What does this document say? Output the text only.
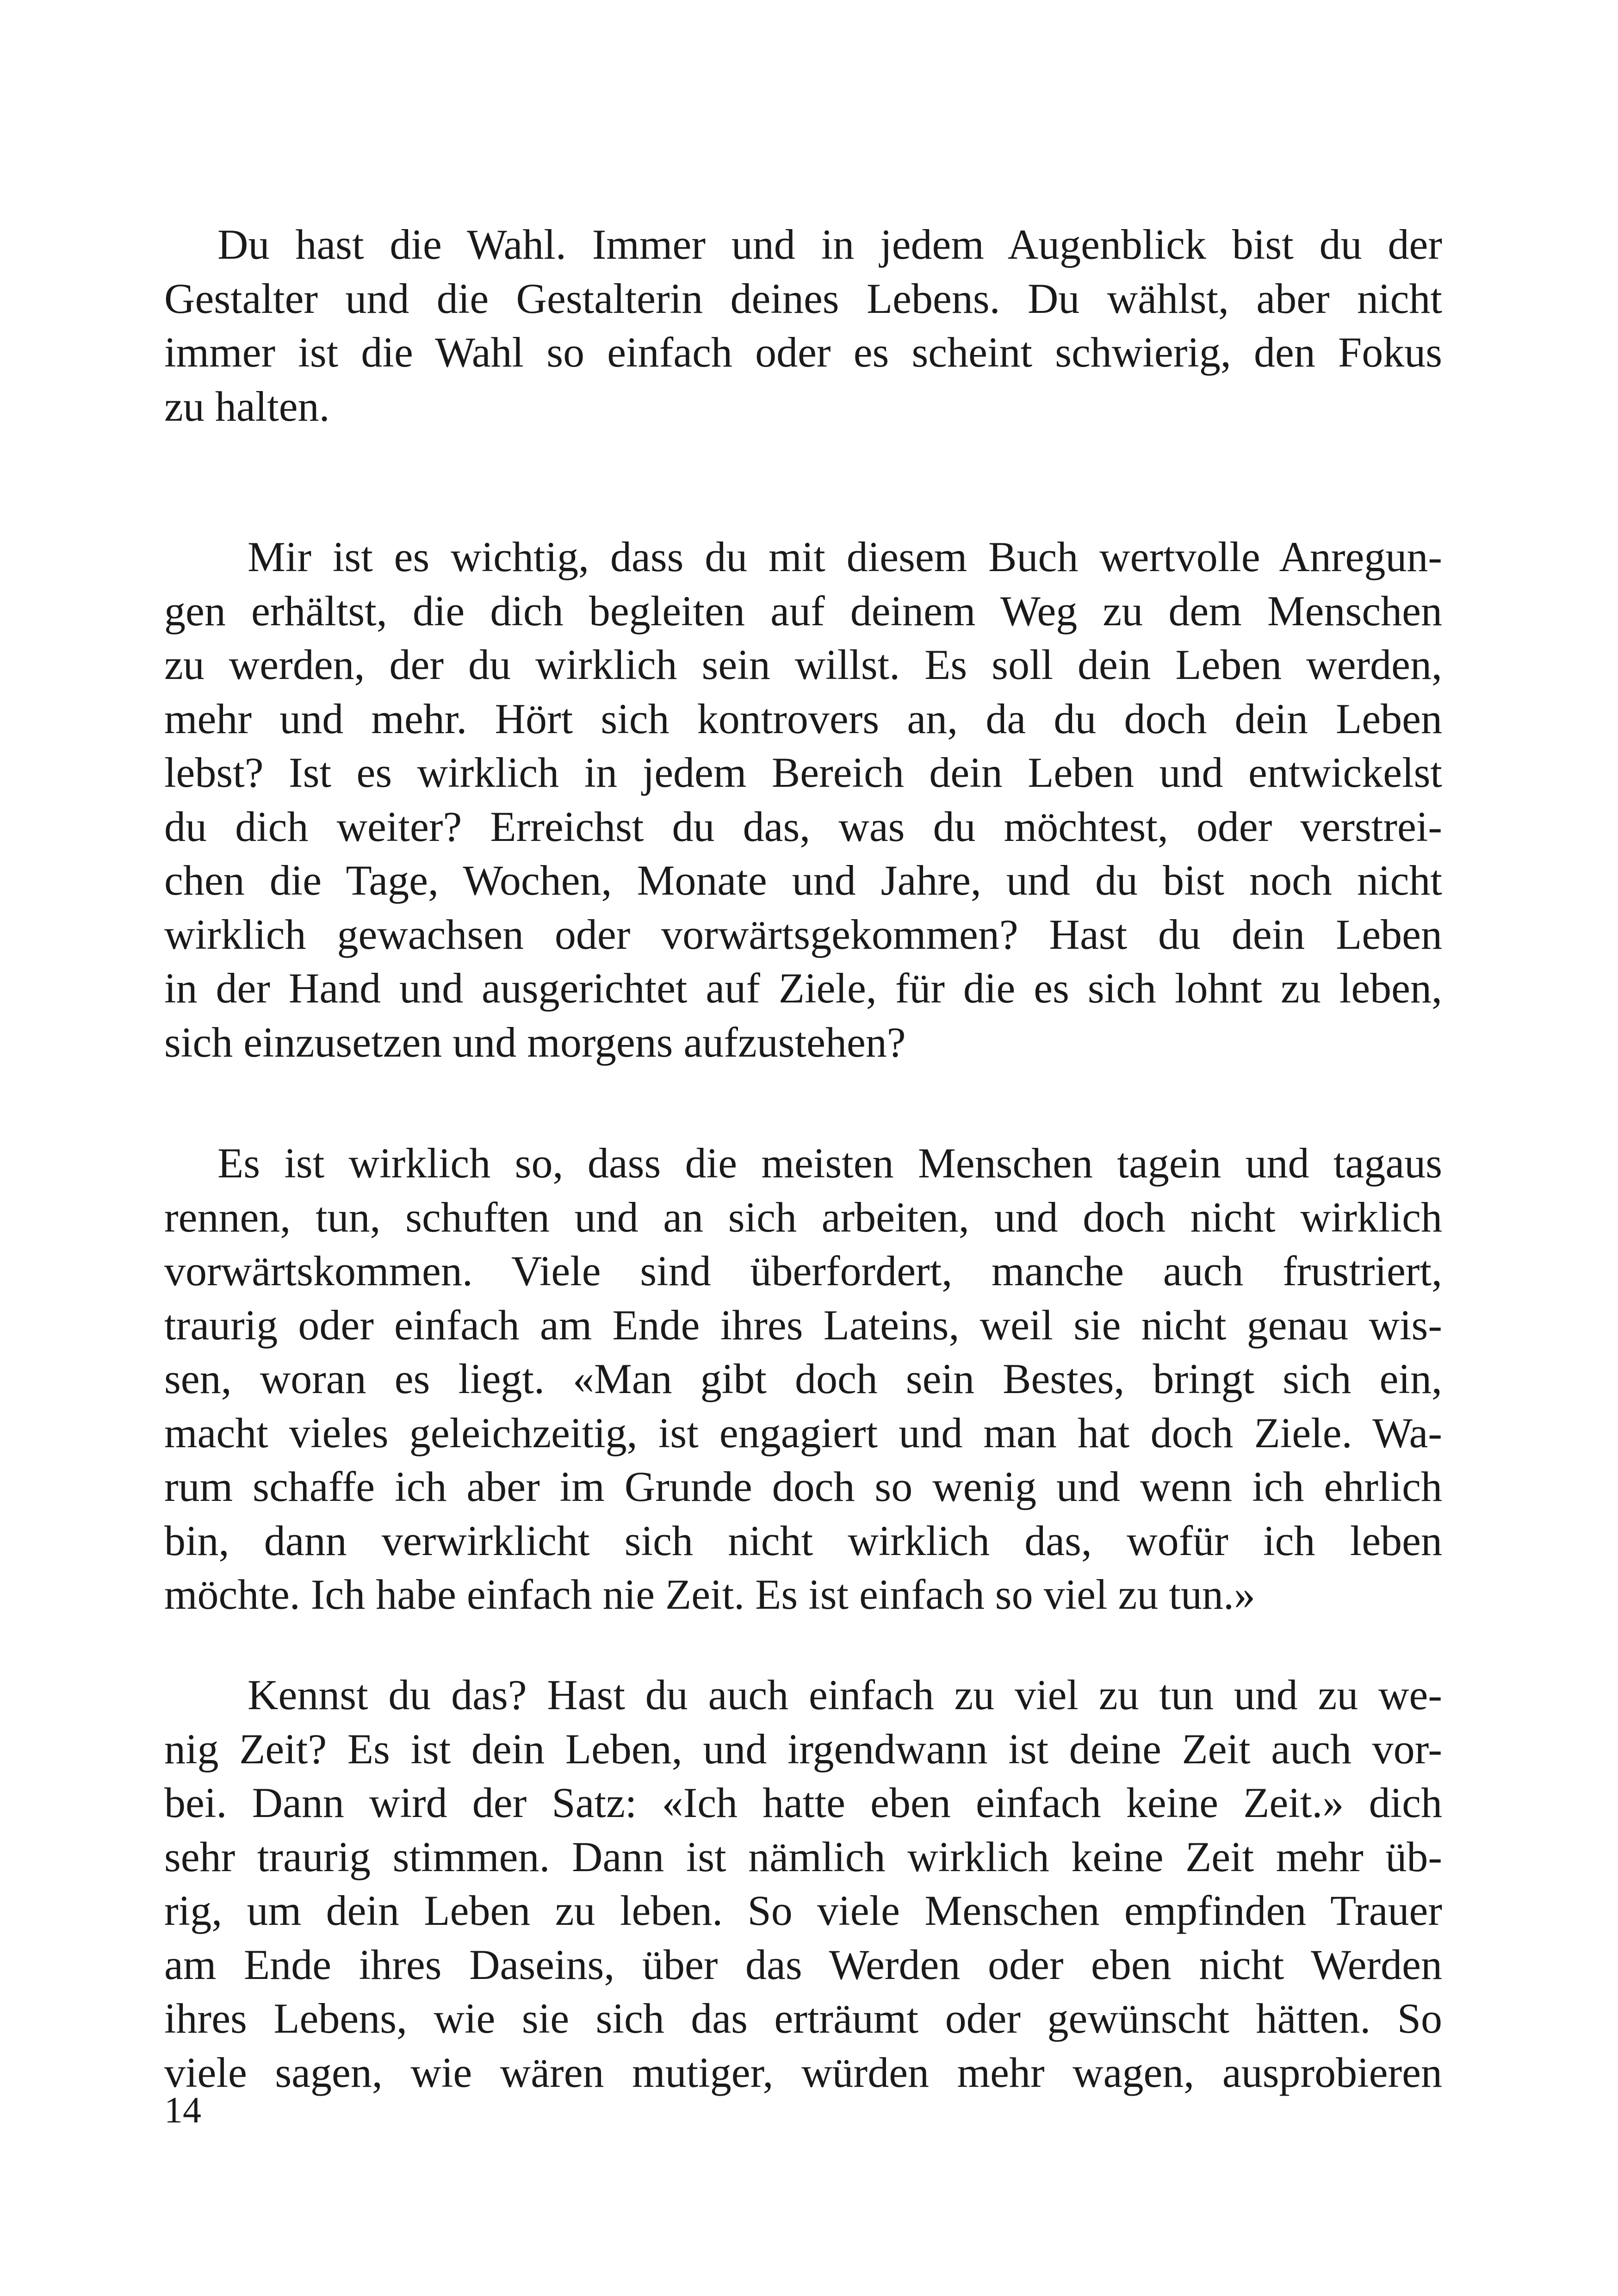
Du hast die Wahl. Immer und in jedem Augenblick bist du der
Gestalter und die Gestalterin deines Lebens. Du wählst, aber nicht
immer ist die Wahl so einfach oder es scheint schwierig, den Fokus
zu halten.
Mir ist es wichtig, dass du mit diesem Buch wertvolle Anregun-
gen erhältst, die dich begleiten auf deinem Weg zu dem Menschen
zu werden, der du wirklich sein willst. Es soll dein Leben werden,
mehr und mehr. Hört sich kontrovers an, da du doch dein Leben
lebst? Ist es wirklich in jedem Bereich dein Leben und entwickelst
du dich weiter? Erreichst du das, was du möchtest, oder verstrei-
chen die Tage, Wochen, Monate und Jahre, und du bist noch nicht
wirklich gewachsen oder vorwärtsgekommen? Hast du dein Leben
in der Hand und ausgerichtet auf Ziele, für die es sich lohnt zu leben,
sich einzusetzen und morgens aufzustehen?
Es ist wirklich so, dass die meisten Menschen tagein und tagaus
rennen, tun, schuften und an sich arbeiten, und doch nicht wirklich
vorwärtskommen. Viele sind überfordert, manche auch frustriert,
traurig oder einfach am Ende ihres Lateins, weil sie nicht genau wis-
sen, woran es liegt. «Man gibt doch sein Bestes, bringt sich ein,
macht vieles geleichzeitig, ist engagiert und man hat doch Ziele. Wa-
rum schaffe ich aber im Grunde doch so wenig und wenn ich ehrlich
bin, dann verwirklicht sich nicht wirklich das, wofür ich leben
möchte. Ich habe einfach nie Zeit. Es ist einfach so viel zu tun.»
Kennst du das? Hast du auch einfach zu viel zu tun und zu we-
nig Zeit? Es ist dein Leben, und irgendwann ist deine Zeit auch vor-
bei. Dann wird der Satz: «Ich hatte eben einfach keine Zeit.» dich
sehr traurig stimmen. Dann ist nämlich wirklich keine Zeit mehr üb-
rig, um dein Leben zu leben. So viele Menschen empfinden Trauer
am Ende ihres Daseins, über das Werden oder eben nicht Werden
ihres Lebens, wie sie sich das erträumt oder gewünscht hätten. So
viele sagen, wie wären mutiger, würden mehr wagen, ausprobieren

14
